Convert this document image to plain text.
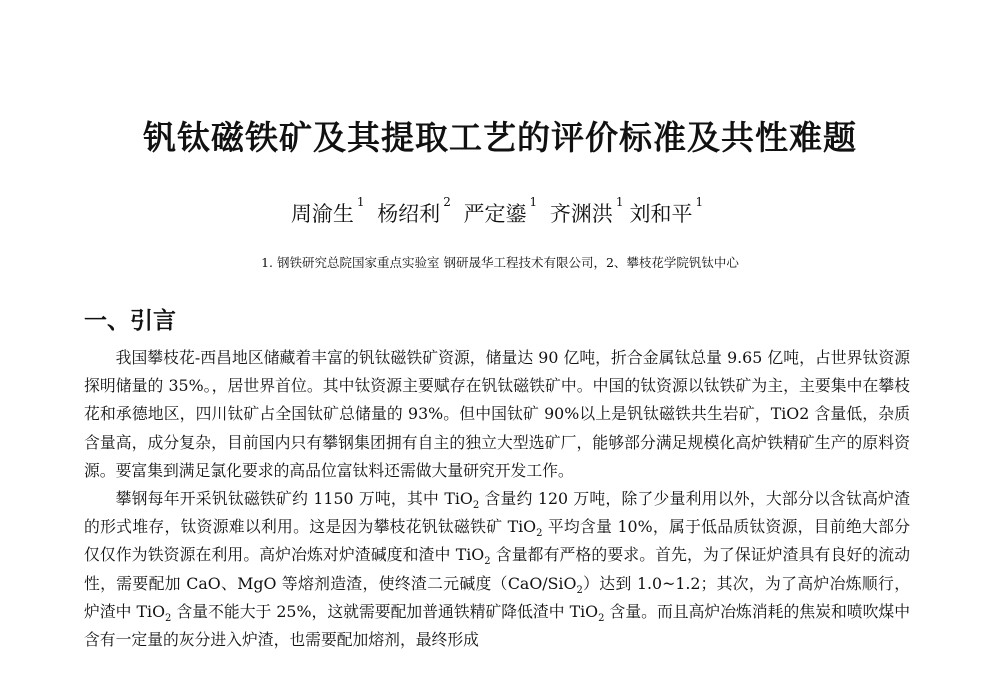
钒钛磁铁矿及其提取工艺的评价标准及共性难题
周渝生 $^1$ 杨绍利 $^2$ 严定鎏 $^1$ 齐渊洪 $^1$ 刘和平 $^1$
1. 钢铁研究总院国家重点实验室 钢研晟华工程技术有限公司，2、攀枝花学院钒钛中心
一、引言

我国攀枝花-西昌地区储藏着丰富的钒钛磁铁矿资源，储量达 90 亿吨，折合金属钛总量 9.65 亿吨，占世界钛资源探明储量的 35%。，居世界首位。其中钛资源主要赋存在钒钛磁铁矿中。中国的钛资源以钛铁矿为主，主要集中在攀枝花和承德地区，四川钛矿占全国钛矿总储量的 93%。但中国钛矿 90%以上是钒钛磁铁共生岩矿，TiO2 含量低，杂质含量高，成分复杂，目前国内只有攀钢集团拥有自主的独立大型选矿厂，能够部分满足规模化高炉铁精矿生产的原料资源。要富集到满足氯化要求的高品位富钛料还需做大量研究开发工作。

攀钢每年开采钒钛磁铁矿约 1150 万吨，其中 TiO$_2$ 含量约 120 万吨，除了少量利用以外，大部分以含钛高炉渣的形式堆存，钛资源难以利用。这是因为攀枝花钒钛磁铁矿 TiO$_2$ 平均含量 10%，属于低品质钛资源，目前绝大部分仅仅作为铁资源在利用。高炉冶炼对炉渣碱度和渣中 TiO$_2$ 含量都有严格的要求。首先，为了保证炉渣具有良好的流动性，需要配加 CaO、MgO 等熔剂造渣，使终渣二元碱度（CaO/SiO$_2$）达到 1.0~1.2；其次，为了高炉冶炼顺行，炉渣中 TiO$_2$ 含量不能大于 25%，这就需要配加普通铁精矿降低渣中 TiO$_2$ 含量。而且高炉冶炼消耗的焦炭和喷吹煤中含有一定量的灰分进入炉渣，也需要配加熔剂，最终形成
